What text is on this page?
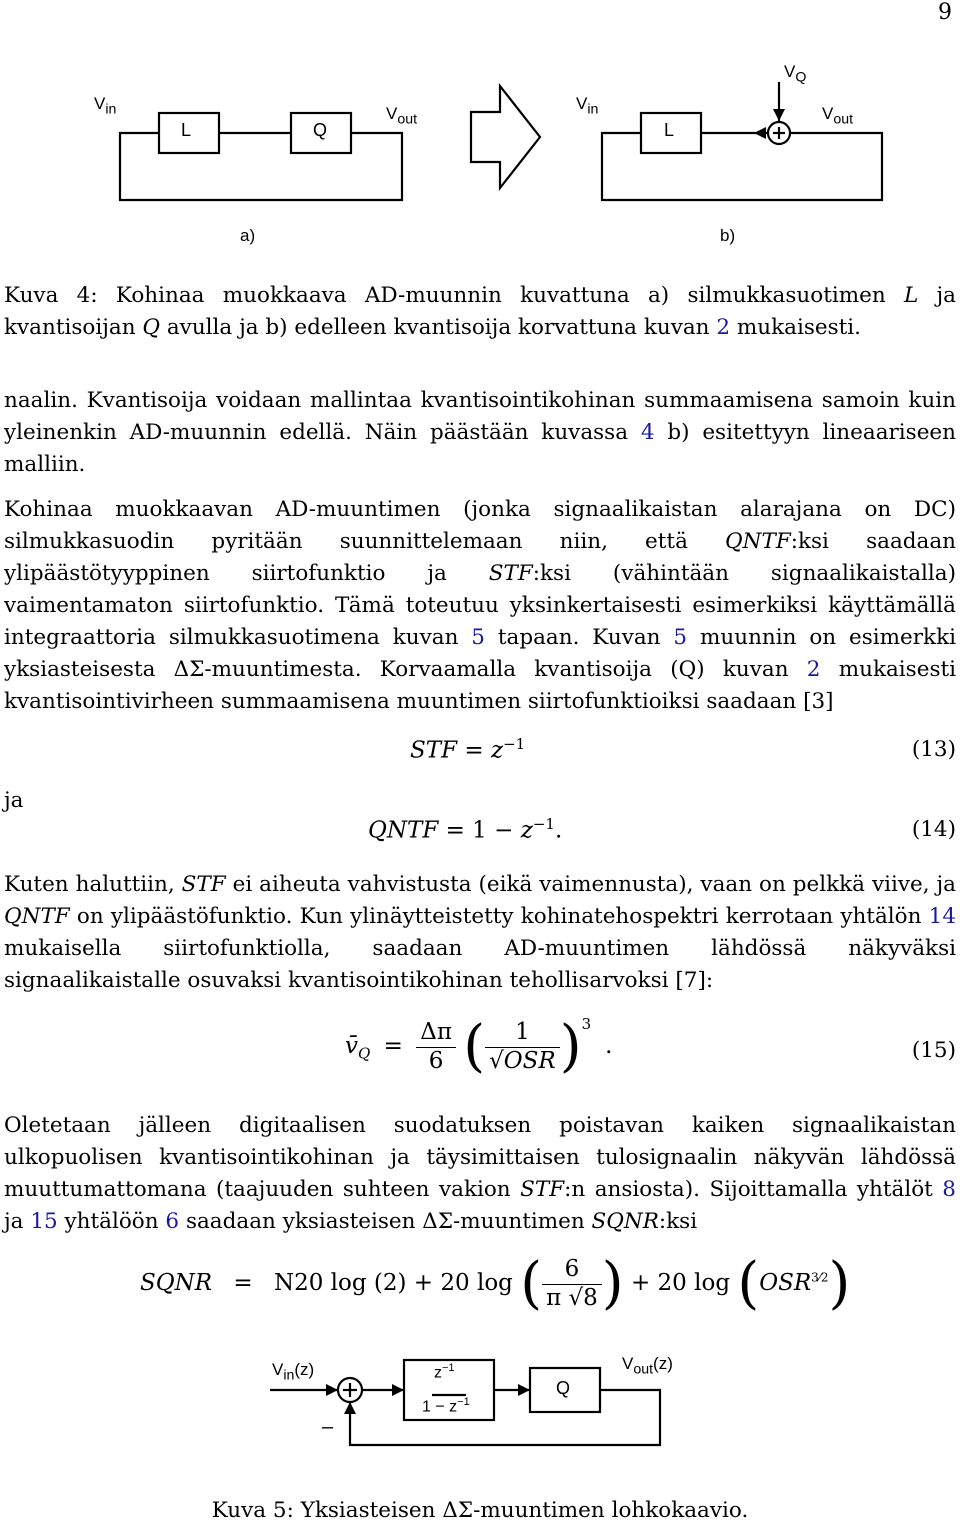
9
$V_{in}$
L	Q
$V_{out}$
a)
$V_{in}$
L
$V_Q$
$V_{out}$
b)

Kuva 4: Kohinaa muokkaava AD-muunnin kuvattuna a) silmukkasuotimen L ja kvantisoijan Q avulla ja b) edelleen kvantisoija korvattuna kuvan 2 mukaisesti.

naalin. Kvantisoija voidaan mallintaa kvantisointikohinan summaamisena samoin kuin yleinenkin AD-muunnin edellä. Näin päästään kuvassa 4 b) esitettyyn lineaariseen malliin.

Kohinaa muokkaavan AD-muuntimen (jonka signaalikaistan alarajana on DC) silmukkasuodin pyritään suunnittelemaan niin, että QNTF:ksi saadaan ylipäästötyyppinen siirtofunktio ja STF:ksi (vähintään signaalikaistalla) vaimentamaton siirtofunktio. Tämä toteutuu yksinkertaisesti esimerkiksi käyttämällä integraattoria silmukkasuotimena kuvan 5 tapaan. Kuvan 5 muunnin on esimerkki yksiasteisesta ΔΣ-muuntimesta. Korvaamalla kvantisoija (Q) kuvan 2 mukaisesti kvantisointivirheen summaamisena muuntimen siirtofunktioiksi saadaan [3]

STF = $z^{-1}$	(13)
ja
QNTF = $1 - z^{-1}$.	(14)

Kuten haluttiin, STF ei aiheuta vahvistusta (eikä vaimennusta), vaan on pelkkä viive, ja QNTF on ylipäästöfunktio. Kun ylinäytteistetty kohinatehospektri kerrotaan yhtälön 14 mukaisella siirtofunktiolla, saadaan AD-muuntimen lähdössä näkyväksi signaalikaistalle osuvaksi kvantisointikohinan tehollisarvoksi [7]:

$v̄_Q = \frac{\Delta\pi}{6}$ ( $\frac{1}{\text{√OSR}} )^3$.	(15)

Oletetaan jälleen digitaalisen suodatuksen poistavan kaiken signaalikaistan ulkopuolisen kvantisointikohinan ja täysimittaisen tulosignaalin näkyvän lähdössä muuttumattomana (taajuuden suhteen vakion STF:n ansiosta). Sijoittamalla yhtälöt 8 ja 15 yhtälöön 6 saadaan yksiasteisen ΔΣ-muuntimen SQNR:ksi

SQNR = N20 log (2) + 20 log ( $\frac{6}{\pi √8}$ ) + 20 $\log (OSR^{3⁄2})$
$V_{in}(z)$	$z^{-1}$
$1 - z^{-1}$
Q
$V_{out}(z)$
–
Kuva 5: Yksiasteisen ΔΣ-muuntimen lohkokaavio.
